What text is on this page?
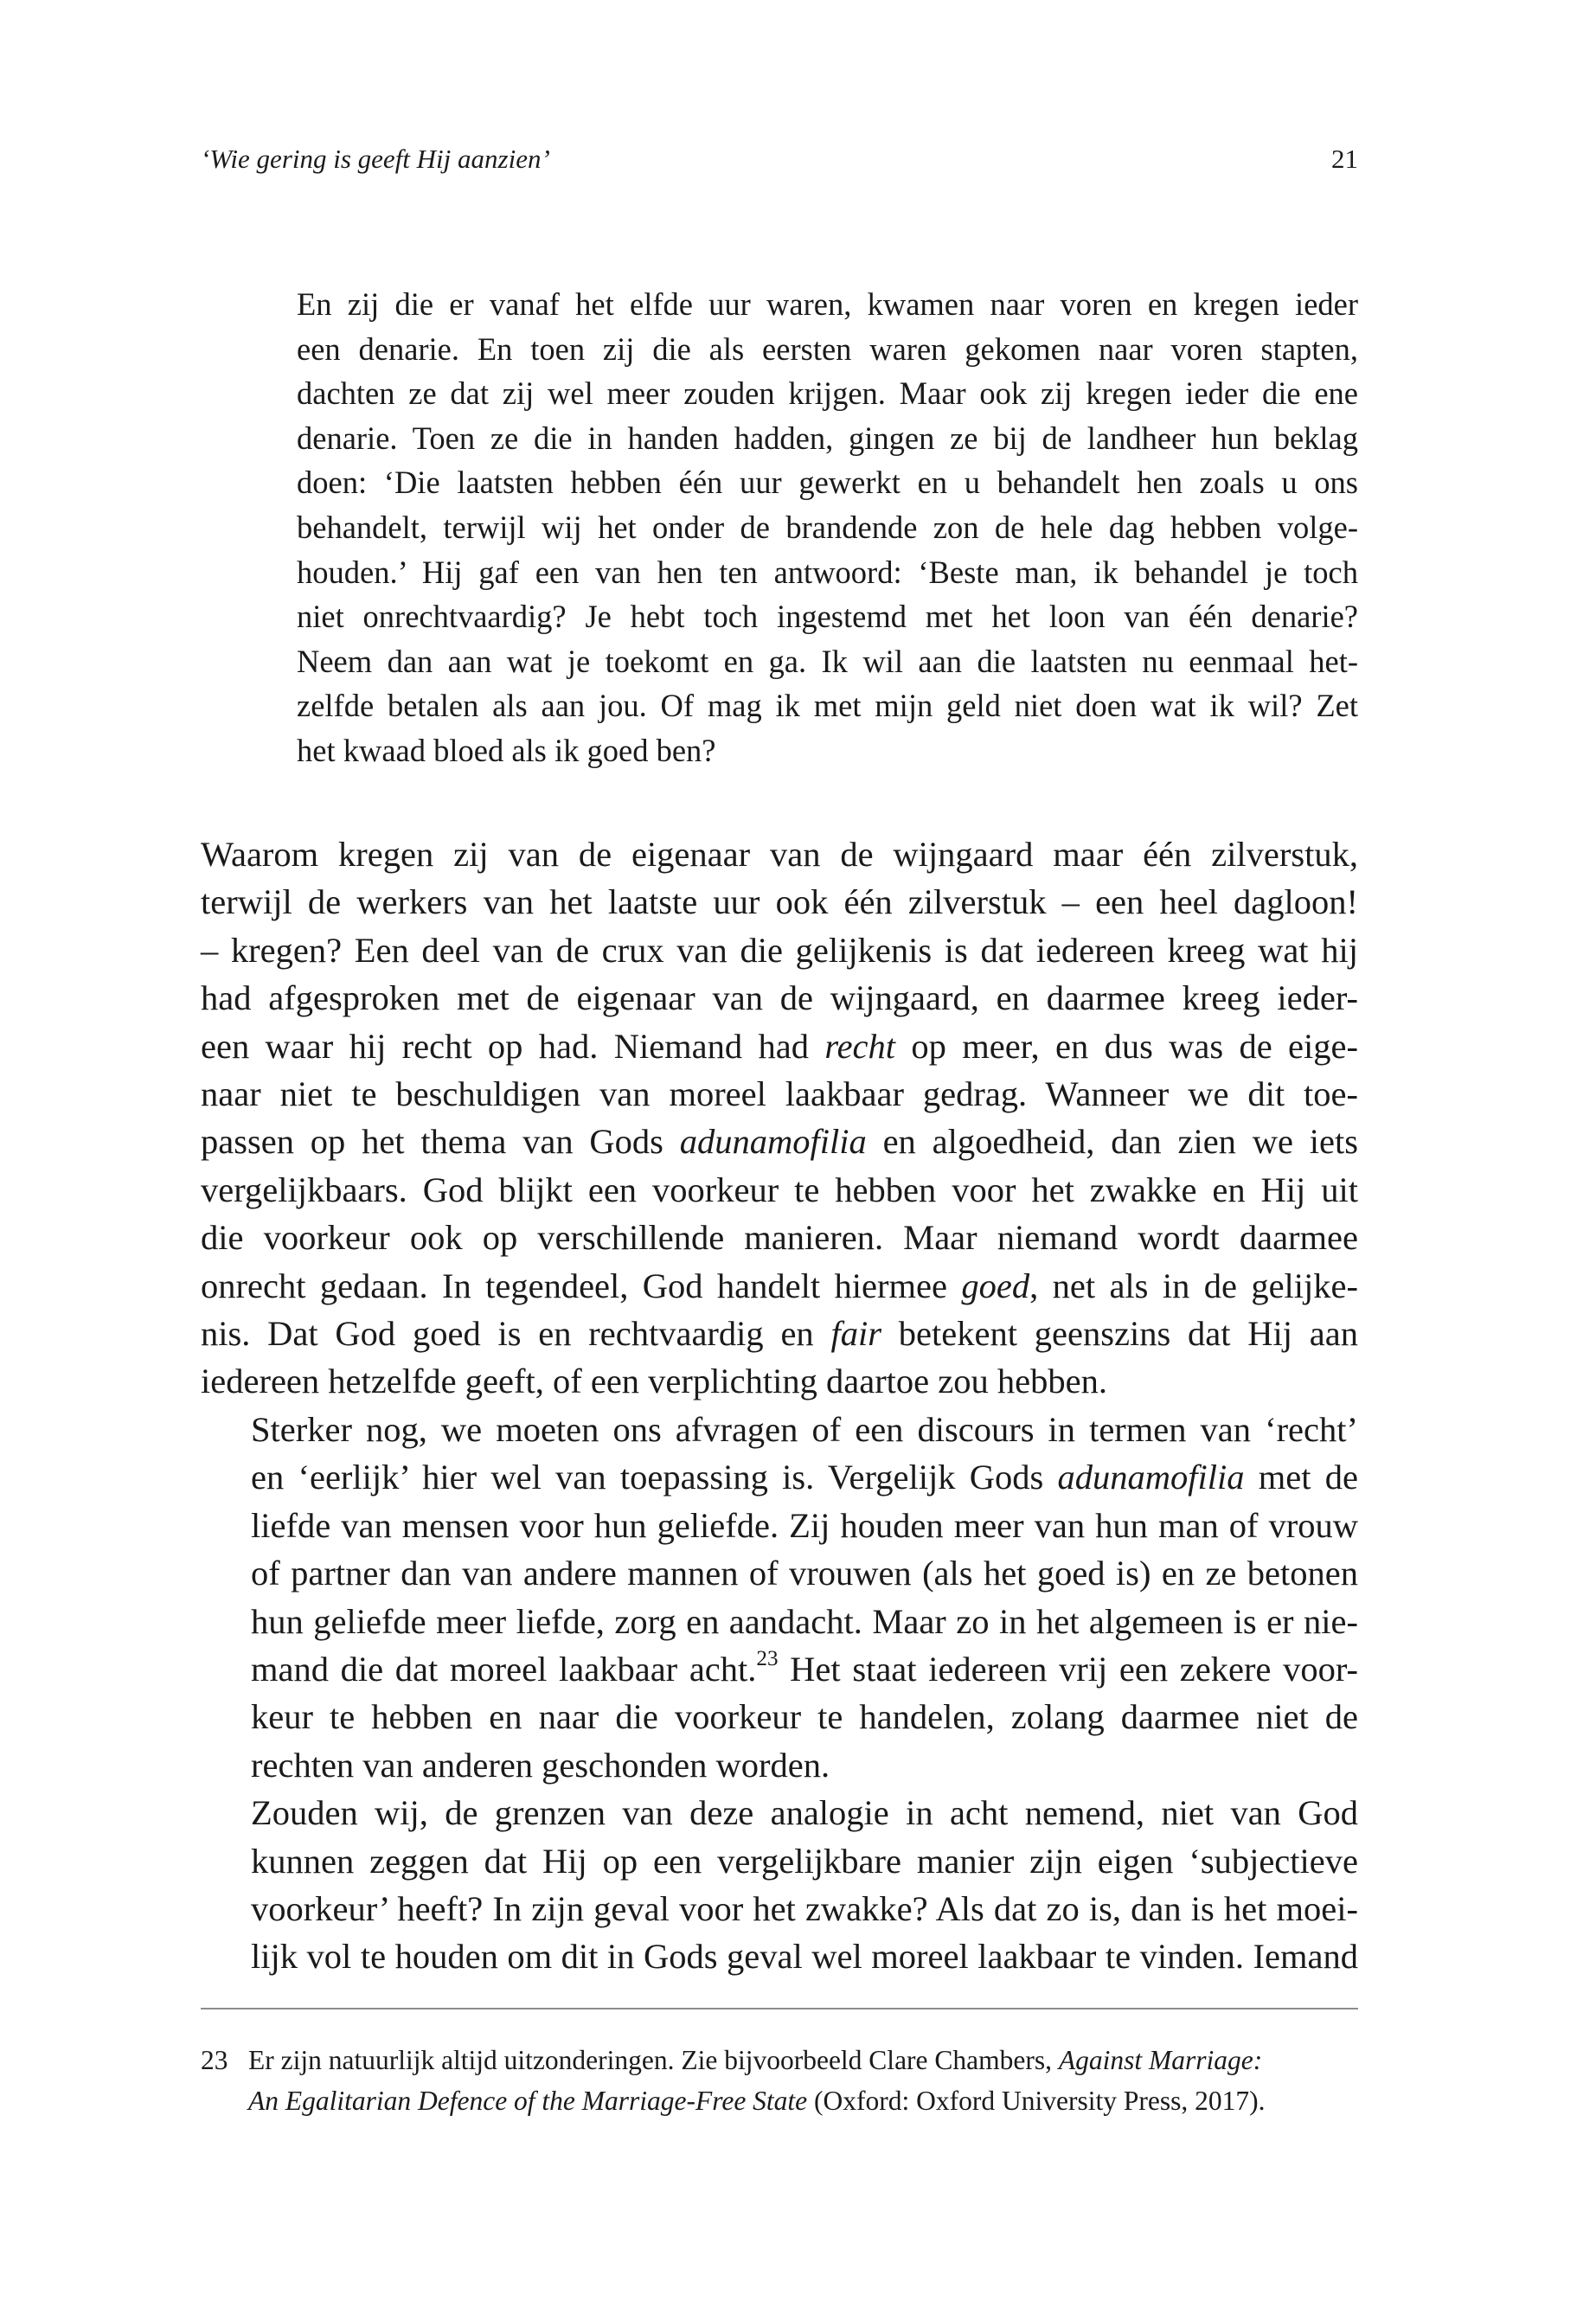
‘Wie gering is geeft Hij aanzien’	21
En zij die er vanaf het elfde uur waren, kwamen naar voren en kregen ieder
een denarie. En toen zij die als eersten waren gekomen naar voren stapten,
dachten ze dat zij wel meer zouden krijgen. Maar ook zij kregen ieder die ene
denarie. Toen ze die in handen hadden, gingen ze bij de landheer hun beklag
doen: ‘Die laatsten hebben één uur gewerkt en u behandelt hen zoals u ons
behandelt, terwijl wij het onder de brandende zon de hele dag hebben volge-
houden.’ Hij gaf een van hen ten antwoord: ‘Beste man, ik behandel je toch
niet onrechtvaardig? Je hebt toch ingestemd met het loon van één denarie?
Neem dan aan wat je toekomt en ga. Ik wil aan die laatsten nu eenmaal het-
zelfde betalen als aan jou. Of mag ik met mijn geld niet doen wat ik wil? Zet
het kwaad bloed als ik goed ben?

Waarom kregen zij van de eigenaar van de wijngaard maar één zilverstuk,
terwijl de werkers van het laatste uur ook één zilverstuk – een heel dagloon!
– kregen? Een deel van de crux van die gelijkenis is dat iedereen kreeg wat hij
had afgesproken met de eigenaar van de wijngaard, en daarmee kreeg ieder-
een waar hij recht op had. Niemand had recht op meer, en dus was de eige-
naar niet te beschuldigen van moreel laakbaar gedrag. Wanneer we dit toe-
passen op het thema van Gods adunamofilia en algoedheid, dan zien we iets
vergelijkbaars. God blijkt een voorkeur te hebben voor het zwakke en Hij uit
die voorkeur ook op verschillende manieren. Maar niemand wordt daarmee
onrecht gedaan. In tegendeel, God handelt hiermee goed, net als in de gelijke-
nis. Dat God goed is en rechtvaardig en fair betekent geenszins dat Hij aan
iedereen hetzelfde geeft, of een verplichting daartoe zou hebben.

Sterker nog, we moeten ons afvragen of een discours in termen van ‘recht’
en ‘eerlijk’ hier wel van toepassing is. Vergelijk Gods adunamofilia met de
liefde van mensen voor hun geliefde. Zij houden meer van hun man of vrouw
of partner dan van andere mannen of vrouwen (als het goed is) en ze betonen
hun geliefde meer liefde, zorg en aandacht. Maar zo in het algemeen is er nie-
mand die dat moreel laakbaar acht.$^{23}$ Het staat iedereen vrij een zekere voor-
keur te hebben en naar die voorkeur te handelen, zolang daarmee niet de
rechten van anderen geschonden worden.

Zouden wij, de grenzen van deze analogie in acht nemend, niet van God
kunnen zeggen dat Hij op een vergelijkbare manier zijn eigen ‘subjectieve
voorkeur’ heeft? In zijn geval voor het zwakke? Als dat zo is, dan is het moei-
lijk vol te houden om dit in Gods geval wel moreel laakbaar te vinden. Iemand

23 Er zijn natuurlijk altijd uitzonderingen. Zie bijvoorbeeld Clare Chambers, Against Marriage:
An Egalitarian Defence of the Marriage-Free State (Oxford: Oxford University Press, 2017).
